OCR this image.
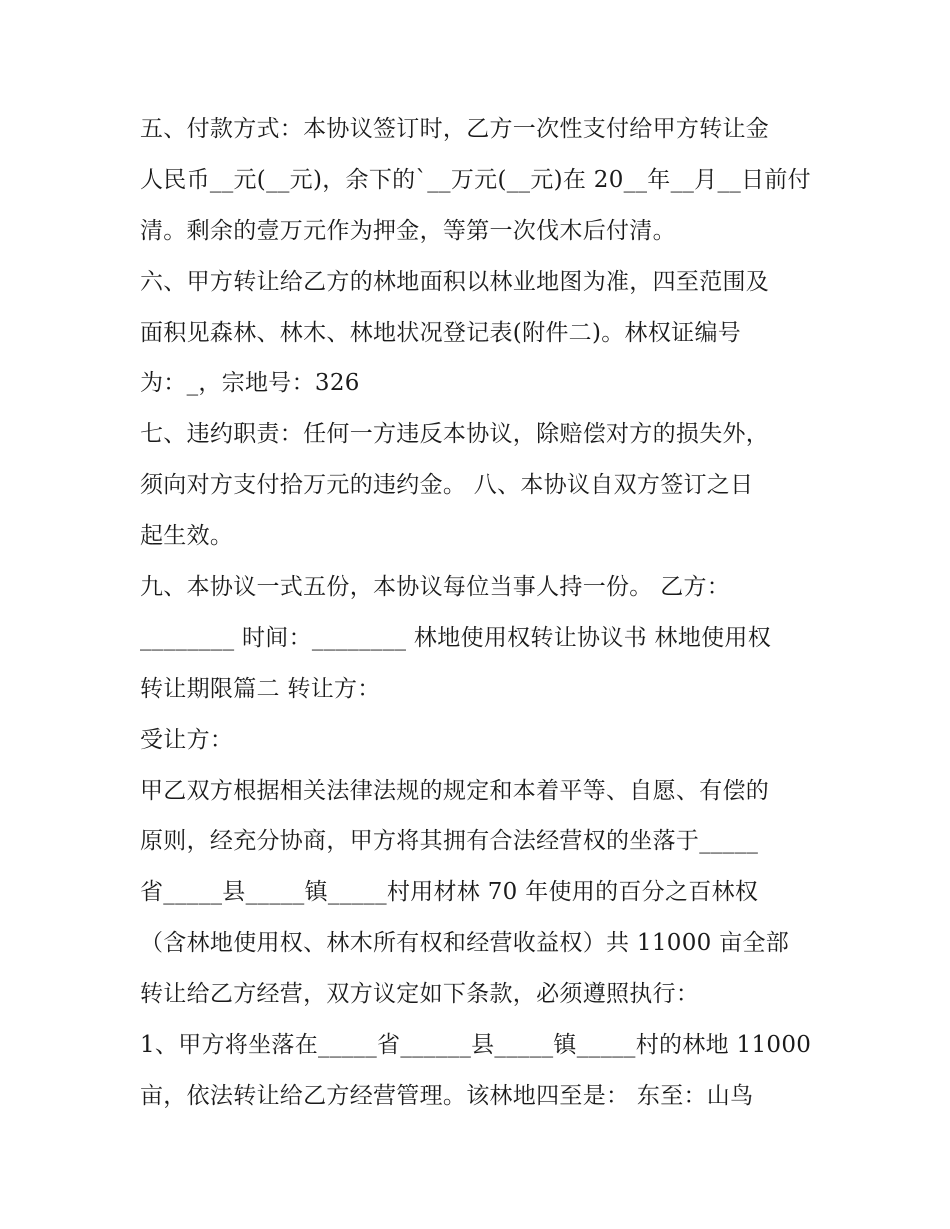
五、付款方式：本协议签订时，乙方一次性支付给甲方转让金
人民币__元(__元)，余下的`__万元(__元)在 20__年__月__日前付
清。剩余的壹万元作为押金，等第一次伐木后付清。
六、甲方转让给乙方的林地面积以林业地图为准，四至范围及
面积见森林、林木、林地状况登记表(附件二)。林权证编号
为：_，宗地号：326
七、违约职责：任何一方违反本协议，除赔偿对方的损失外，
须向对方支付拾万元的违约金。 八、本协议自双方签订之日
起生效。
九、本协议一式五份，本协议每位当事人持一份。 乙方：
________ 时间：________ 林地使用权转让协议书 林地使用权
转让期限篇二 转让方：
受让方：
甲乙双方根据相关法律法规的规定和本着平等、自愿、有偿的
原则，经充分协商，甲方将其拥有合法经营权的坐落于_____
省_____县_____镇_____村用材林 70 年使用的百分之百林权
（含林地使用权、林木所有权和经营收益权）共 11000 亩全部
转让给乙方经营，双方议定如下条款，必须遵照执行：
1、甲方将坐落在_____省______县_____镇_____村的林地 11000
亩，依法转让给乙方经营管理。该林地四至是： 东至：山鸟
